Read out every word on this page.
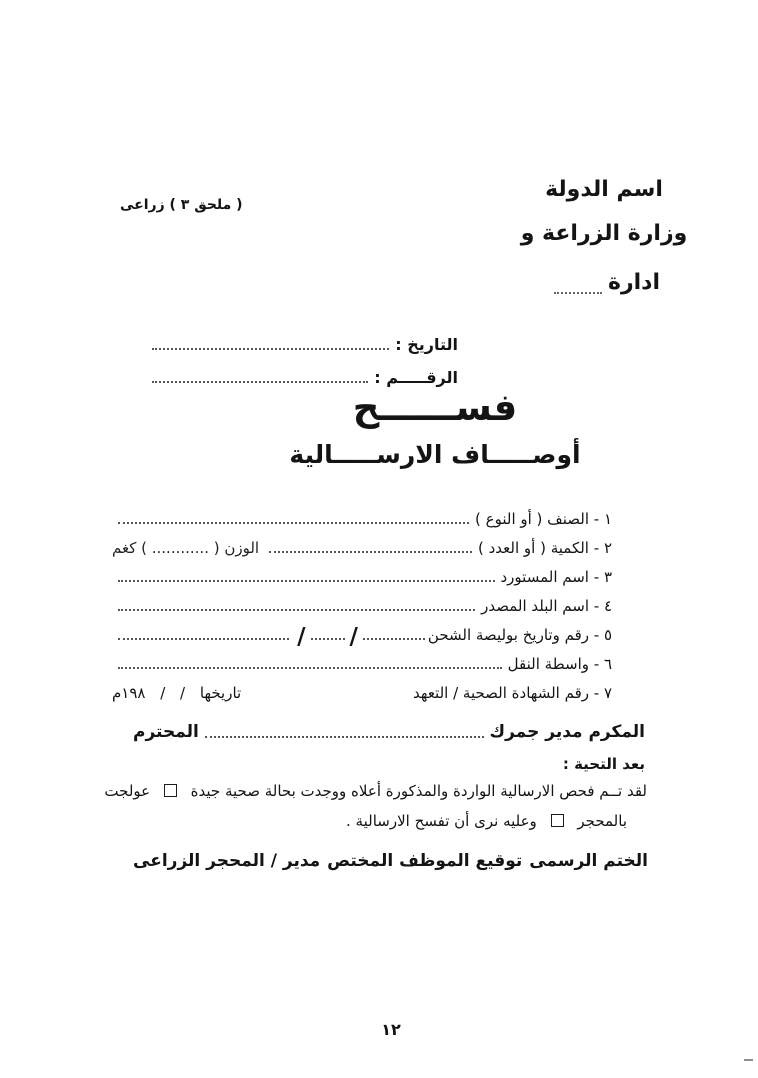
( ملحق ٣ ) زراعى
اسم الدولة
وزارة الزراعة و
ادارة
التاريخ :
الرقـــــم :
فســــــح
أوصـــــاف الارســـــالية
١ - الصنف ( أو النوع )
٢ - الكمية ( أو العدد )
الوزن ( ............ ) كغم
٣ - اسم المستورد
٤ - اسم البلد المصدر
٥ - رقم وتاريخ بوليصة الشحن
/
/
٦ - واسطة النقل
٧ - رقم الشهادة الصحية / التعهد
تاريخها / / ١٩٨م
المكرم مدير جمرك
المحترم
بعد التحية :
لقد تــم فحص الارسالية الواردة والمذكورة أعلاه ووجدت بحالة صحية جيدة  عولجت
بالمحجر  وعليه نرى أن تفسح الارسالية .
الختم الرسمى
توقيع الموظف المختص
مدير / المحجر الزراعى
١٢
